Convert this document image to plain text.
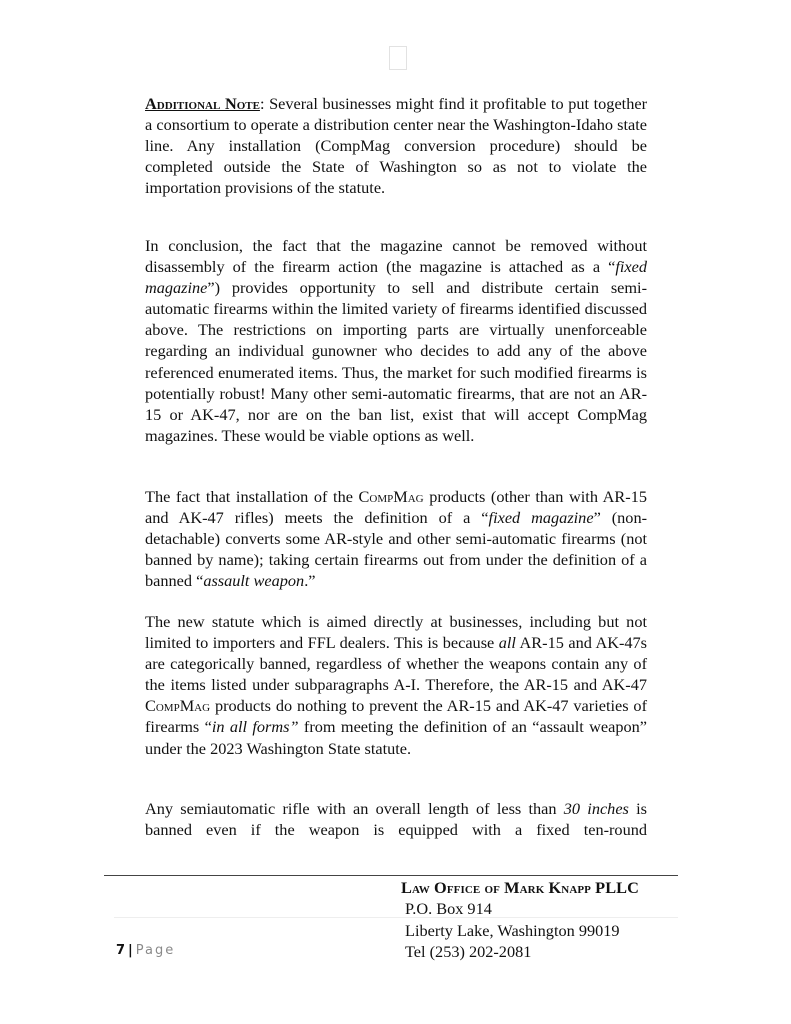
Additional Note: Several businesses might find it profitable to put together a consortium to operate a distribution center near the Washington-Idaho state line. Any installation (CompMag conversion procedure) should be completed outside the State of Washington so as not to violate the importation provisions of the statute.

In conclusion, the fact that the magazine cannot be removed without disassembly of the firearm action (the magazine is attached as a “fixed magazine”) provides opportunity to sell and distribute certain semi-automatic firearms within the limited variety of firearms identified discussed above. The restrictions on importing parts are virtually unenforceable regarding an individual gunowner who decides to add any of the above referenced enumerated items. Thus, the market for such modified firearms is potentially robust! Many other semi-automatic firearms, that are not an AR-15 or AK-47, nor are on the ban list, exist that will accept CompMag magazines. These would be viable options as well.

The fact that installation of the CompMag products (other than with AR-15 and AK-47 rifles) meets the definition of a “fixed magazine” (non-detachable) converts some AR-style and other semi-automatic firearms (not banned by name); taking certain firearms out from under the definition of a banned “assault weapon.”

The new statute which is aimed directly at businesses, including but not limited to importers and FFL dealers. This is because all AR-15 and AK-47s are categorically banned, regardless of whether the weapons contain any of the items listed under subparagraphs A-I. Therefore, the AR-15 and AK-47 CompMag products do nothing to prevent the AR-15 and AK-47 varieties of firearms “in all forms” from meeting the definition of an “assault weapon” under the 2023 Washington State statute.

Any semiautomatic rifle with an overall length of less than 30 inches is banned even if the weapon is equipped with a fixed ten-round

Law Office of Mark Knapp PLLC
P.O. Box 914
Liberty Lake, Washington 99019
Tel (253) 202-2081
7 | Page
